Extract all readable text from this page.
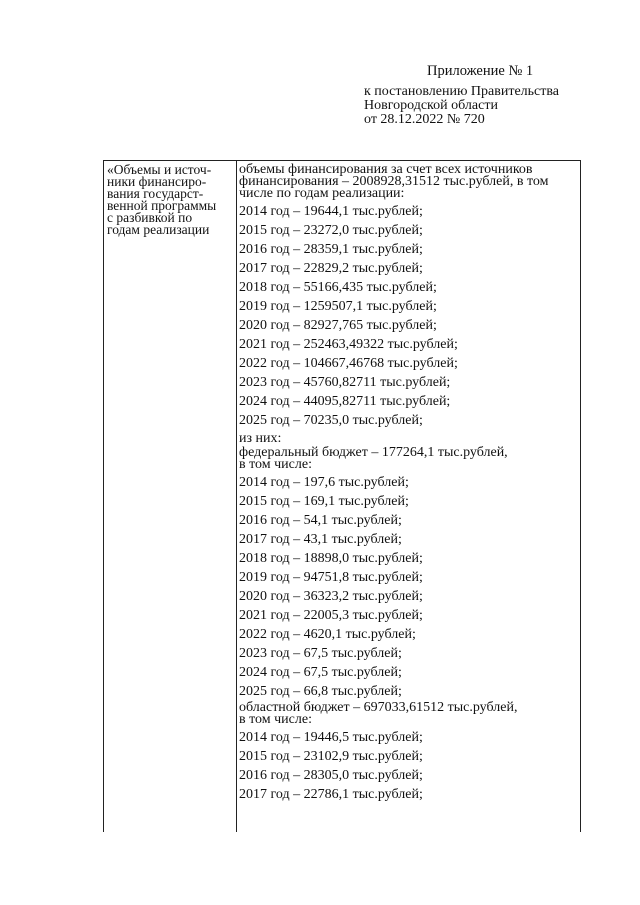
Приложение № 1
к постановлению Правительства
Новгородской области
от 28.12.2022 № 720
«Объемы и источ-
ники финансиро-
вания государст-
венной программы
с разбивкой по
годам реализации
объемы финансирования за счет всех источников
финансирования – 2008928,31512 тыс.рублей, в том
числе по годам реализации:
2014 год – 19644,1 тыс.рублей;
2015 год – 23272,0 тыс.рублей;
2016 год – 28359,1 тыс.рублей;
2017 год – 22829,2 тыс.рублей;
2018 год – 55166,435 тыс.рублей;
2019 год – 1259507,1 тыс.рублей;
2020 год – 82927,765 тыс.рублей;
2021 год – 252463,49322 тыс.рублей;
2022 год – 104667,46768 тыс.рублей;
2023 год – 45760,82711 тыс.рублей;
2024 год – 44095,82711 тыс.рублей;
2025 год – 70235,0 тыс.рублей;
из них:
федеральный бюджет – 177264,1 тыс.рублей,
в том числе:
2014 год – 197,6 тыс.рублей;
2015 год – 169,1 тыс.рублей;
2016 год – 54,1 тыс.рублей;
2017 год – 43,1 тыс.рублей;
2018 год – 18898,0 тыс.рублей;
2019 год – 94751,8 тыс.рублей;
2020 год – 36323,2 тыс.рублей;
2021 год – 22005,3 тыс.рублей;
2022 год – 4620,1 тыс.рублей;
2023 год – 67,5 тыс.рублей;
2024 год – 67,5 тыс.рублей;
2025 год – 66,8 тыс.рублей;
областной бюджет – 697033,61512 тыс.рублей,
в том числе:
2014 год – 19446,5 тыс.рублей;
2015 год – 23102,9 тыс.рублей;
2016 год – 28305,0 тыс.рублей;
2017 год – 22786,1 тыс.рублей;
